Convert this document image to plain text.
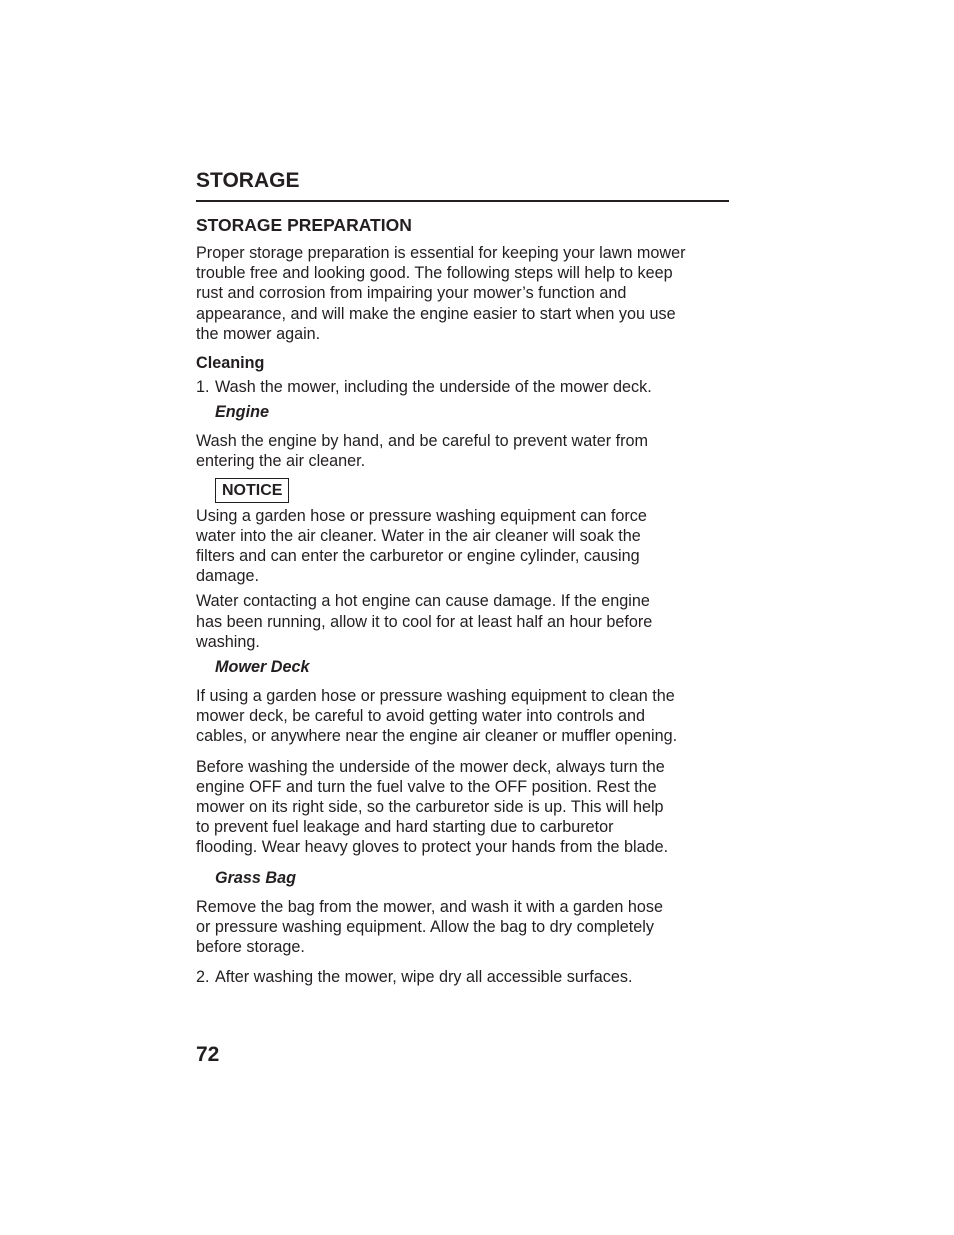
STORAGE
STORAGE PREPARATION

Proper storage preparation is essential for keeping your lawn mower
trouble free and looking good. The following steps will help to keep
rust and corrosion from impairing your mower’s function and
appearance, and will make the engine easier to start when you use
the mower again.

Cleaning
1. Wash the mower, including the underside of the mower deck.
Engine

Wash the engine by hand, and be careful to prevent water from
entering the air cleaner.

NOTICE

Using a garden hose or pressure washing equipment can force
water into the air cleaner. Water in the air cleaner will soak the
filters and can enter the carburetor or engine cylinder, causing
damage.

Water contacting a hot engine can cause damage. If the engine
has been running, allow it to cool for at least half an hour before
washing.

Mower Deck

If using a garden hose or pressure washing equipment to clean the
mower deck, be careful to avoid getting water into controls and
cables, or anywhere near the engine air cleaner or muffler opening.

Before washing the underside of the mower deck, always turn the
engine OFF and turn the fuel valve to the OFF position. Rest the
mower on its right side, so the carburetor side is up. This will help
to prevent fuel leakage and hard starting due to carburetor
flooding. Wear heavy gloves to protect your hands from the blade.

Grass Bag

Remove the bag from the mower, and wash it with a garden hose
or pressure washing equipment. Allow the bag to dry completely
before storage.

2. After washing the mower, wipe dry all accessible surfaces.
72
